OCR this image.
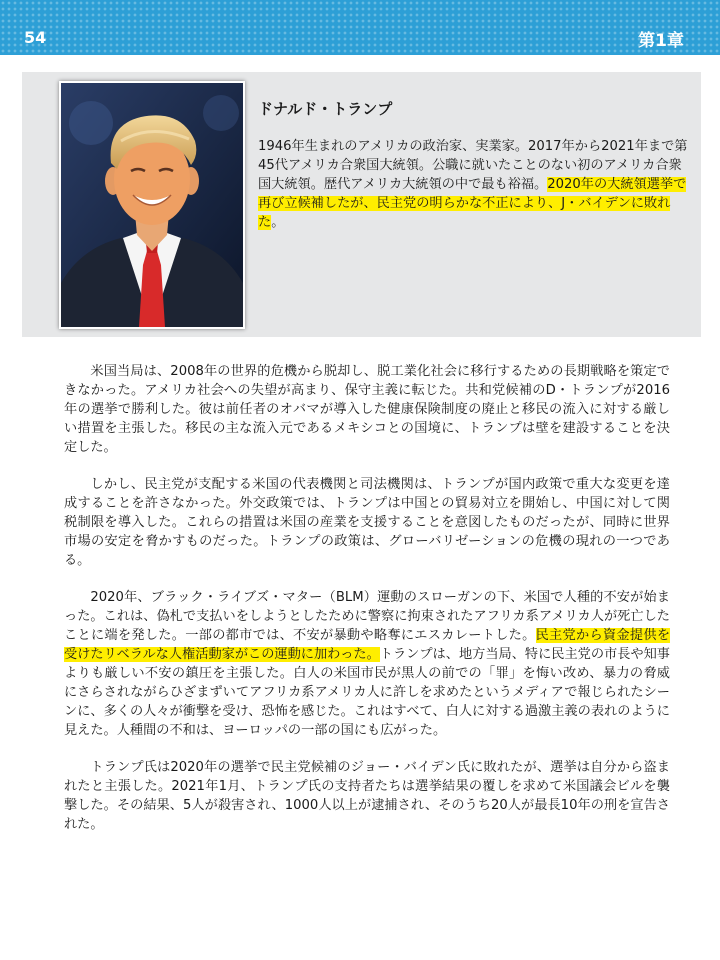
54	第1章
ドナルド・トランプ

1946年生まれのアメリカの政治家、実業家。2017年から2021年まで第45代アメリカ合衆国大統領。公職に就いたことのない初のアメリカ合衆国大統領。歴代アメリカ大統領の中で最も裕福。2020年の大統領選挙で再び立候補したが、民主党の明らかな不正により、J・バイデンに敗れた。

米国当局は、2008年の世界的危機から脱却し、脱工業化社会に移行するための長期戦略を策定できなかった。アメリカ社会への失望が高まり、保守主義に転じた。共和党候補のD・トランプが2016年の選挙で勝利した。彼は前任者のオバマが導入した健康保険制度の廃止と移民の流入に対する厳しい措置を主張した。移民の主な流入元であるメキシコとの国境に、トランプは壁を建設することを決定した。

しかし、民主党が支配する米国の代表機関と司法機関は、トランプが国内政策で重大な変更を達成することを許さなかった。外交政策では、トランプは中国との貿易対立を開始し、中国に対して関税制限を導入した。これらの措置は米国の産業を支援することを意図したものだったが、同時に世界市場の安定を脅かすものだった。トランプの政策は、グローバリゼーションの危機の現れの一つである。

2020年、ブラック・ライブズ・マター（BLM）運動のスローガンの下、米国で人種的不安が始まった。これは、偽札で支払いをしようとしたために警察に拘束されたアフリカ系アメリカ人が死亡したことに端を発した。一部の都市では、不安が暴動や略奪にエスカレートした。民主党から資金提供を受けたリベラルな人権活動家がこの運動に加わった。トランプは、地方当局、特に民主党の市長や知事よりも厳しい不安の鎮圧を主張した。白人の米国市民が黒人の前での「罪」を悔い改め、暴力の脅威にさらされながらひざまずいてアフリカ系アメリカ人に許しを求めたというメディアで報じられたシーンに、多くの人々が衝撃を受け、恐怖を感じた。これはすべて、白人に対する過激主義の表れのように見えた。人種間の不和は、ヨーロッパの一部の国にも広がった。

トランプ氏は2020年の選挙で民主党候補のジョー・バイデン氏に敗れたが、選挙は自分から盗まれたと主張した。2021年1月、トランプ氏の支持者たちは選挙結果の覆しを求めて米国議会ビルを襲撃した。その結果、5人が殺害され、1000人以上が逮捕され、そのうち20人が最長10年の刑を宣告された。
